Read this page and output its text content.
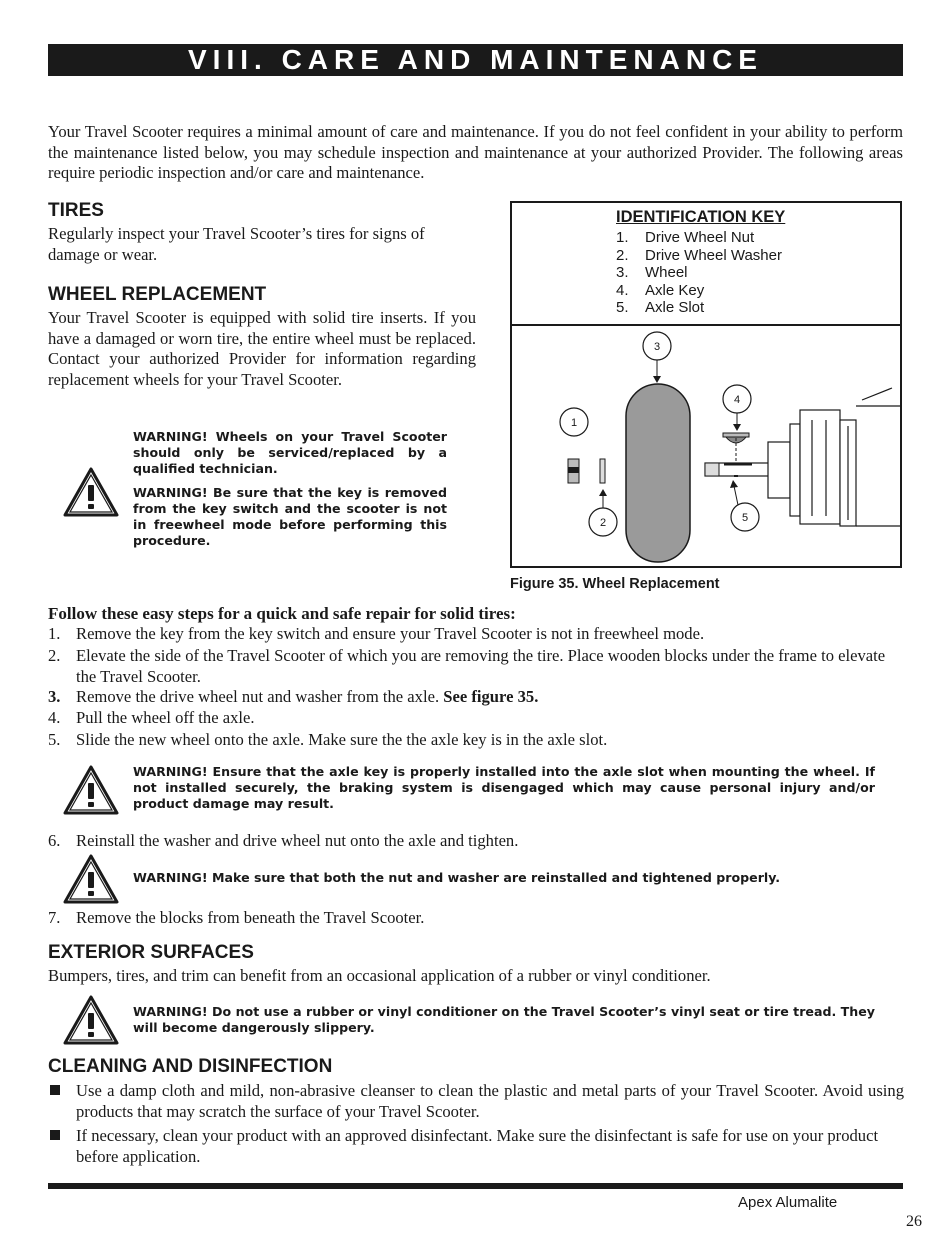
VIII. CARE AND MAINTENANCE
Your Travel Scooter requires a minimal amount of care and maintenance. If you do not feel confident in your ability to perform the maintenance listed below, you may schedule inspection and maintenance at your authorized Provider. The following areas require periodic inspection and/or care and maintenance.
TIRES
Regularly inspect your Travel Scooter’s tires for signs of damage or wear.
WHEEL REPLACEMENT
Your Travel Scooter is equipped with solid tire inserts. If you have a damaged or worn tire, the entire wheel must be replaced. Contact your authorized Provider for information regarding replacement wheels for your Travel Scooter.

WARNING! Wheels on your Travel Scooter should only be serviced/replaced by a qualified technician.

WARNING! Be sure that the key is removed from the key switch and the scooter is not in freewheel mode before performing this procedure.

IDENTIFICATION KEY
1. Drive Wheel Nut
2. Drive Wheel Washer
3. Wheel
4. Axle Key
5. Axle Slot
3
4
1
2	5
Figure 35. Wheel Replacement
Follow these easy steps for a quick and safe repair for solid tires:
1. Remove the key from the key switch and ensure your Travel Scooter is not in freewheel mode.
2. Elevate the side of the Travel Scooter of which you are removing the tire. Place wooden blocks under the frame to elevate the Travel Scooter.
3. Remove the drive wheel nut and washer from the axle. See figure 35.
4. Pull the wheel off the axle.
5. Slide the new wheel onto the axle. Make sure the the axle key is in the axle slot.
WARNING! Ensure that the axle key is properly installed into the axle slot when mounting the wheel. If not installed securely, the braking system is disengaged which may cause personal injury and/or product damage may result.
6. Reinstall the washer and drive wheel nut onto the axle and tighten.
WARNING! Make sure that both the nut and washer are reinstalled and tightened properly.
7. Remove the blocks from beneath the Travel Scooter.
EXTERIOR SURFACES
Bumpers, tires, and trim can benefit from an occasional application of a rubber or vinyl conditioner.
WARNING! Do not use a rubber or vinyl conditioner on the Travel Scooter’s vinyl seat or tire tread. They will become dangerously slippery.
CLEANING AND DISINFECTION
Use a damp cloth and mild, non-abrasive cleanser to clean the plastic and metal parts of your Travel Scooter. Avoid using products that may scratch the surface of your Travel Scooter.
If necessary, clean your product with an approved disinfectant. Make sure the disinfectant is safe for use on your product before application.
Apex Alumalite
26
